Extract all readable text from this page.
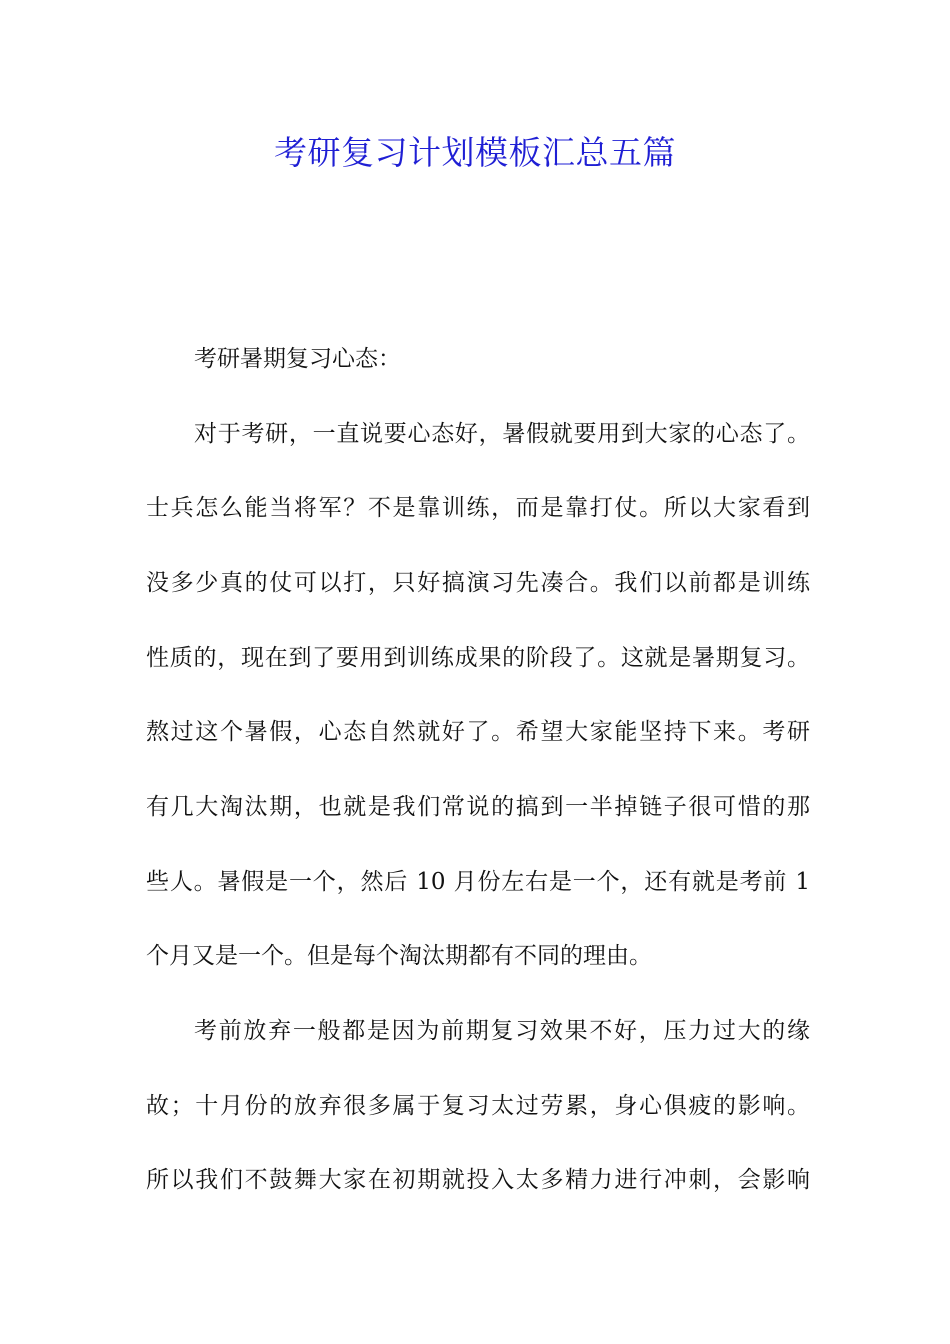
考研复习计划模板汇总五篇
考研暑期复习心态：
对于考研，一直说要心态好，暑假就要用到大家的心态了。
士兵怎么能当将军？不是靠训练，而是靠打仗。所以大家看到
没多少真的仗可以打，只好搞演习先凑合。我们以前都是训练
性质的，现在到了要用到训练成果的阶段了。这就是暑期复习。
熬过这个暑假，心态自然就好了。希望大家能坚持下来。考研
有几大淘汰期，也就是我们常说的搞到一半掉链子很可惜的那
些人。暑假是一个，然后 10 月份左右是一个，还有就是考前 1
个月又是一个。但是每个淘汰期都有不同的理由。
考前放弃一般都是因为前期复习效果不好，压力过大的缘
故；十月份的放弃很多属于复习太过劳累，身心俱疲的影响。
所以我们不鼓舞大家在初期就投入太多精力进行冲刺，会影响
